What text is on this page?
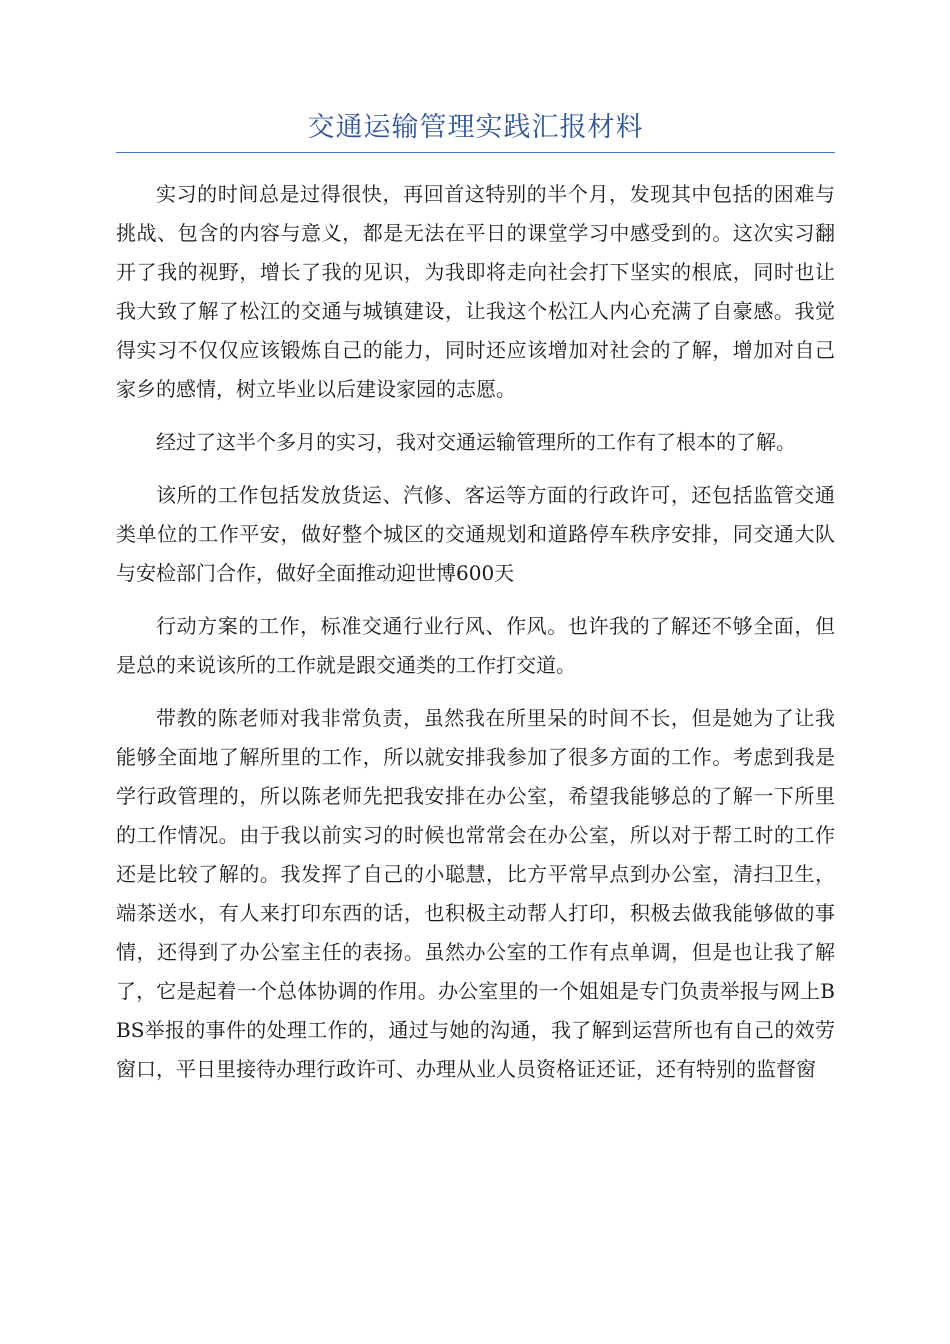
交通运输管理实践汇报材料

实习的时间总是过得很快，再回首这特别的半个月，发现其中包括的困难与挑战、包含的内容与意义，都是无法在平日的课堂学习中感受到的。这次实习翻开了我的视野，增长了我的见识，为我即将走向社会打下坚实的根底，同时也让我大致了解了松江的交通与城镇建设，让我这个松江人内心充满了自豪感。我觉得实习不仅仅应该锻炼自己的能力，同时还应该增加对社会的了解，增加对自己家乡的感情，树立毕业以后建设家园的志愿。

经过了这半个多月的实习，我对交通运输管理所的工作有了根本的了解。

该所的工作包括发放货运、汽修、客运等方面的行政许可，还包括监管交通类单位的工作平安，做好整个城区的交通规划和道路停车秩序安排，同交通大队与安检部门合作，做好全面推动迎世博600天

行动方案的工作，标准交通行业行风、作风。也许我的了解还不够全面，但是总的来说该所的工作就是跟交通类的工作打交道。

带教的陈老师对我非常负责，虽然我在所里呆的时间不长，但是她为了让我能够全面地了解所里的工作，所以就安排我参加了很多方面的工作。考虑到我是学行政管理的，所以陈老师先把我安排在办公室，希望我能够总的了解一下所里的工作情况。由于我以前实习的时候也常常会在办公室，所以对于帮工时的工作还是比较了解的。我发挥了自己的小聪慧，比方平常早点到办公室，清扫卫生，端茶送水，有人来打印东西的话，也积极主动帮人打印，积极去做我能够做的事情，还得到了办公室主任的表扬。虽然办公室的工作有点单调，但是也让我了解了，它是起着一个总体协调的作用。办公室里的一个姐姐是专门负责举报与网上BBS举报的事件的处理工作的，通过与她的沟通，我了解到运营所也有自己的效劳窗口，平日里接待办理行政许可、办理从业人员资格证还证，还有特别的监督窗
